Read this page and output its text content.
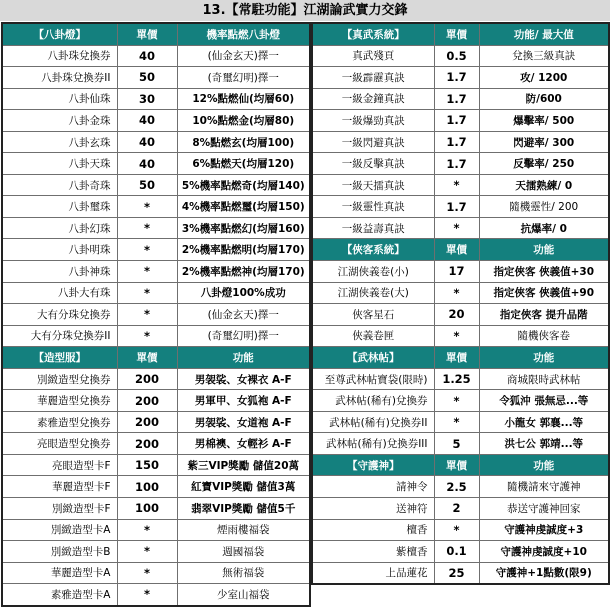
13.【常駐功能】江湖論武實力交鋒
【八卦燈】	單價	機率點燃八卦燈
八卦珠兌換券	40	(仙金玄天)擇一
八卦珠兌換券II	50	(奇璽幻明)擇一
八卦仙珠	30	12%點燃仙(均層60)
八卦金珠	40	10%點燃金(均層80)
八卦玄珠	40	8%點燃玄(均層100)
八卦天珠	40	6%點燃天(均層120)
八卦奇珠	50	5%機率點燃奇(均層140)
八卦璽珠	*	4%機率點燃璽(均層150)
八卦幻珠	*	3%機率點燃幻(均層160)
八卦明珠	*	2%機率點燃明(均層170)
八卦神珠	*	2%機率點燃神(均層170)
八卦大有珠	*	八卦燈100%成功
大有分珠兌換券	*	(仙金玄天)擇一
大有分珠兌換券II	*	(奇璽幻明)擇一
【造型服】	單價	功能
別緻造型兌換券	200	男袈裟、女裸衣 A-F
華麗造型兌換券	200	男軍甲、女狐袍 A-F
素雅造型兌換券	200	男袈裟、女道袍 A-F
亮眼造型兌換券	200	男棉襖、女輕衫 A-F
亮眼造型卡F	150	紫三VIP獎勵 儲值20萬
華麗造型卡F	100	紅寶VIP獎勵 儲值3萬
別緻造型卡F	100	翡翠VIP獎勵 儲值5千
別緻造型卡A	*	煙雨樓福袋
別緻造型卡B	*	週國福袋
華麗造型卡A	*	無術福袋
素雅造型卡A	*	少室山福袋
【真武系統】	單價	功能/ 最大值
真武殘頁	0.5	兌換三級真訣
一級霹靂真訣	1.7	攻/ 1200
一級金鐘真訣	1.7	防/600
一級爆勁真訣	1.7	爆擊率/ 500
一級閃避真訣	1.7	閃避率/ 300
一級反擊真訣	1.7	反擊率/ 250
一級天擂真訣	*	天擂熟練/ 0
一級靈性真訣	1.7	隨機靈性/ 200
一級益壽真訣	*	抗爆率/ 0
【俠客系統】	單價	功能
江湖俠義卷(小)	17	指定俠客 俠義值+30
江湖俠義卷(大)	*	指定俠客 俠義值+90
俠客星石	20	指定俠客 提升品階
俠義卷匣	*	隨機俠客卷
【武林帖】	單價	功能
至尊武林帖寶袋(限時)	1.25	商城限時武林帖
武林帖(稀有)兌換券	*	令狐沖 張無忌...等
武林帖(稀有)兌換券II	*	小龍女 郭襄...等
武林帖(稀有)兌換券III	5	洪七公 郭靖...等
【守護神】	單價	功能
請神令	2.5	隨機請來守護神
送神符	2	恭送守護神回家
檀香	*	守護神虔誠度+3
紫檀香	0.1	守護神虔誠度+10
上品蓮花	25	守護神+1點數(限9)
